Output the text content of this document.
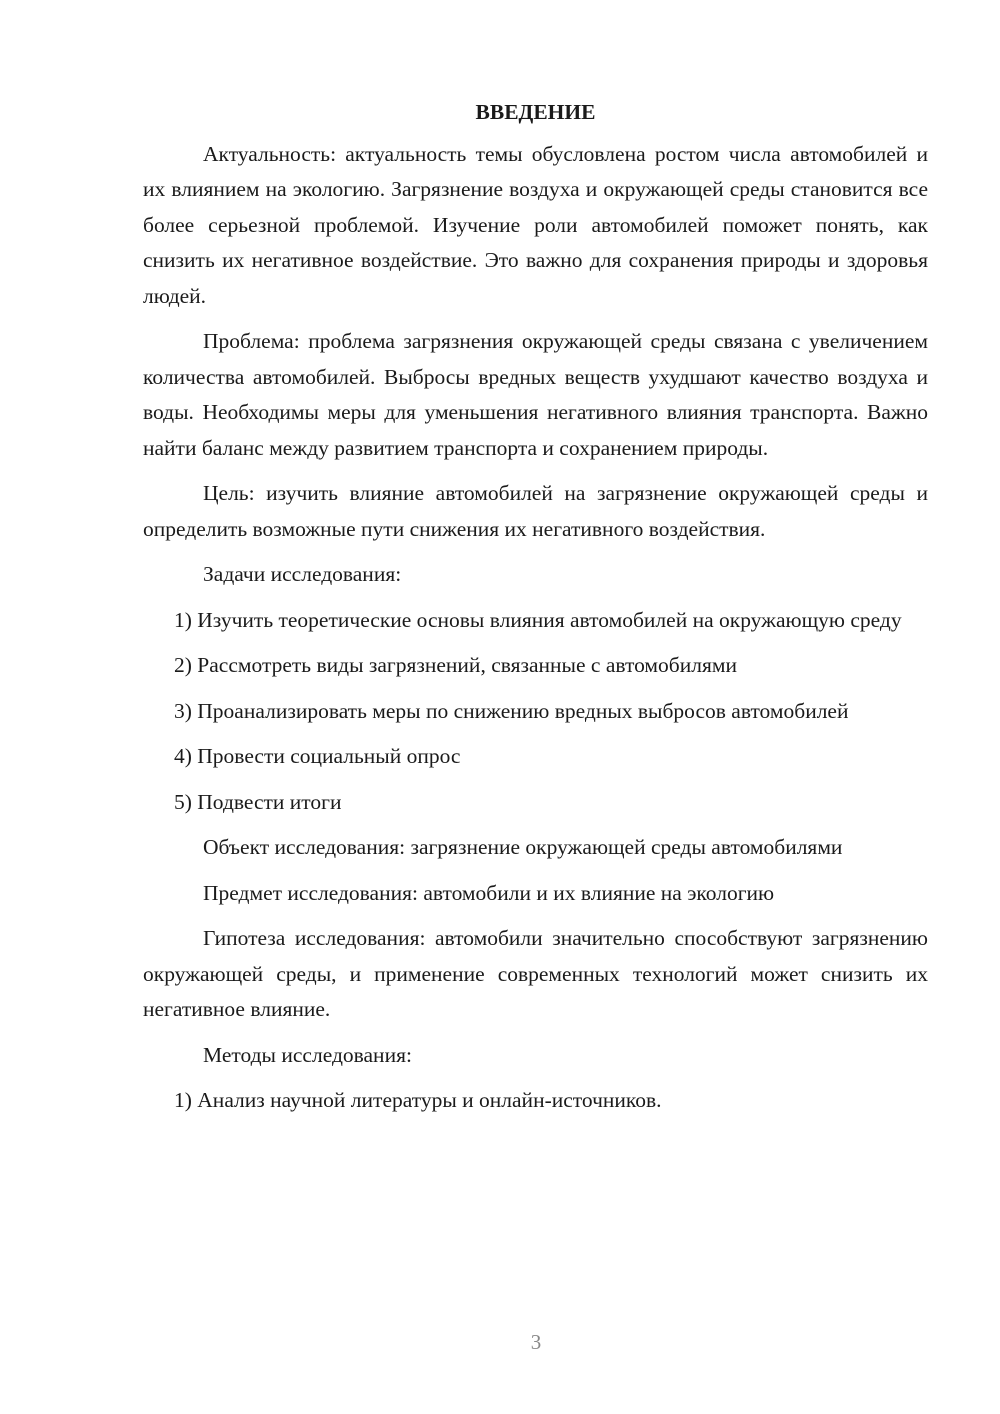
ВВЕДЕНИЕ

Актуальность: актуальность темы обусловлена ростом числа автомобилей и их влиянием на экологию. Загрязнение воздуха и окружающей среды становится все более серьезной проблемой. Изучение роли автомобилей поможет понять, как снизить их негативное воздействие. Это важно для сохранения природы и здоровья людей.

Проблема: проблема загрязнения окружающей среды связана с увеличением количества автомобилей. Выбросы вредных веществ ухудшают качество воздуха и воды. Необходимы меры для уменьшения негативного влияния транспорта. Важно найти баланс между развитием транспорта и сохранением природы.

Цель: изучить влияние автомобилей на загрязнение окружающей среды и определить возможные пути снижения их негативного воздействия.

Задачи исследования:

1) Изучить теоретические основы влияния автомобилей на окружающую среду

2) Рассмотреть виды загрязнений, связанные с автомобилями

3) Проанализировать меры по снижению вредных выбросов автомобилей

4) Провести социальный опрос

5) Подвести итоги

Объект исследования: загрязнение окружающей среды автомобилями

Предмет исследования: автомобили и их влияние на экологию

Гипотеза исследования: автомобили значительно способствуют загрязнению окружающей среды, и применение современных технологий может снизить их негативное влияние.

Методы исследования:

1) Анализ научной литературы и онлайн-источников.

3
